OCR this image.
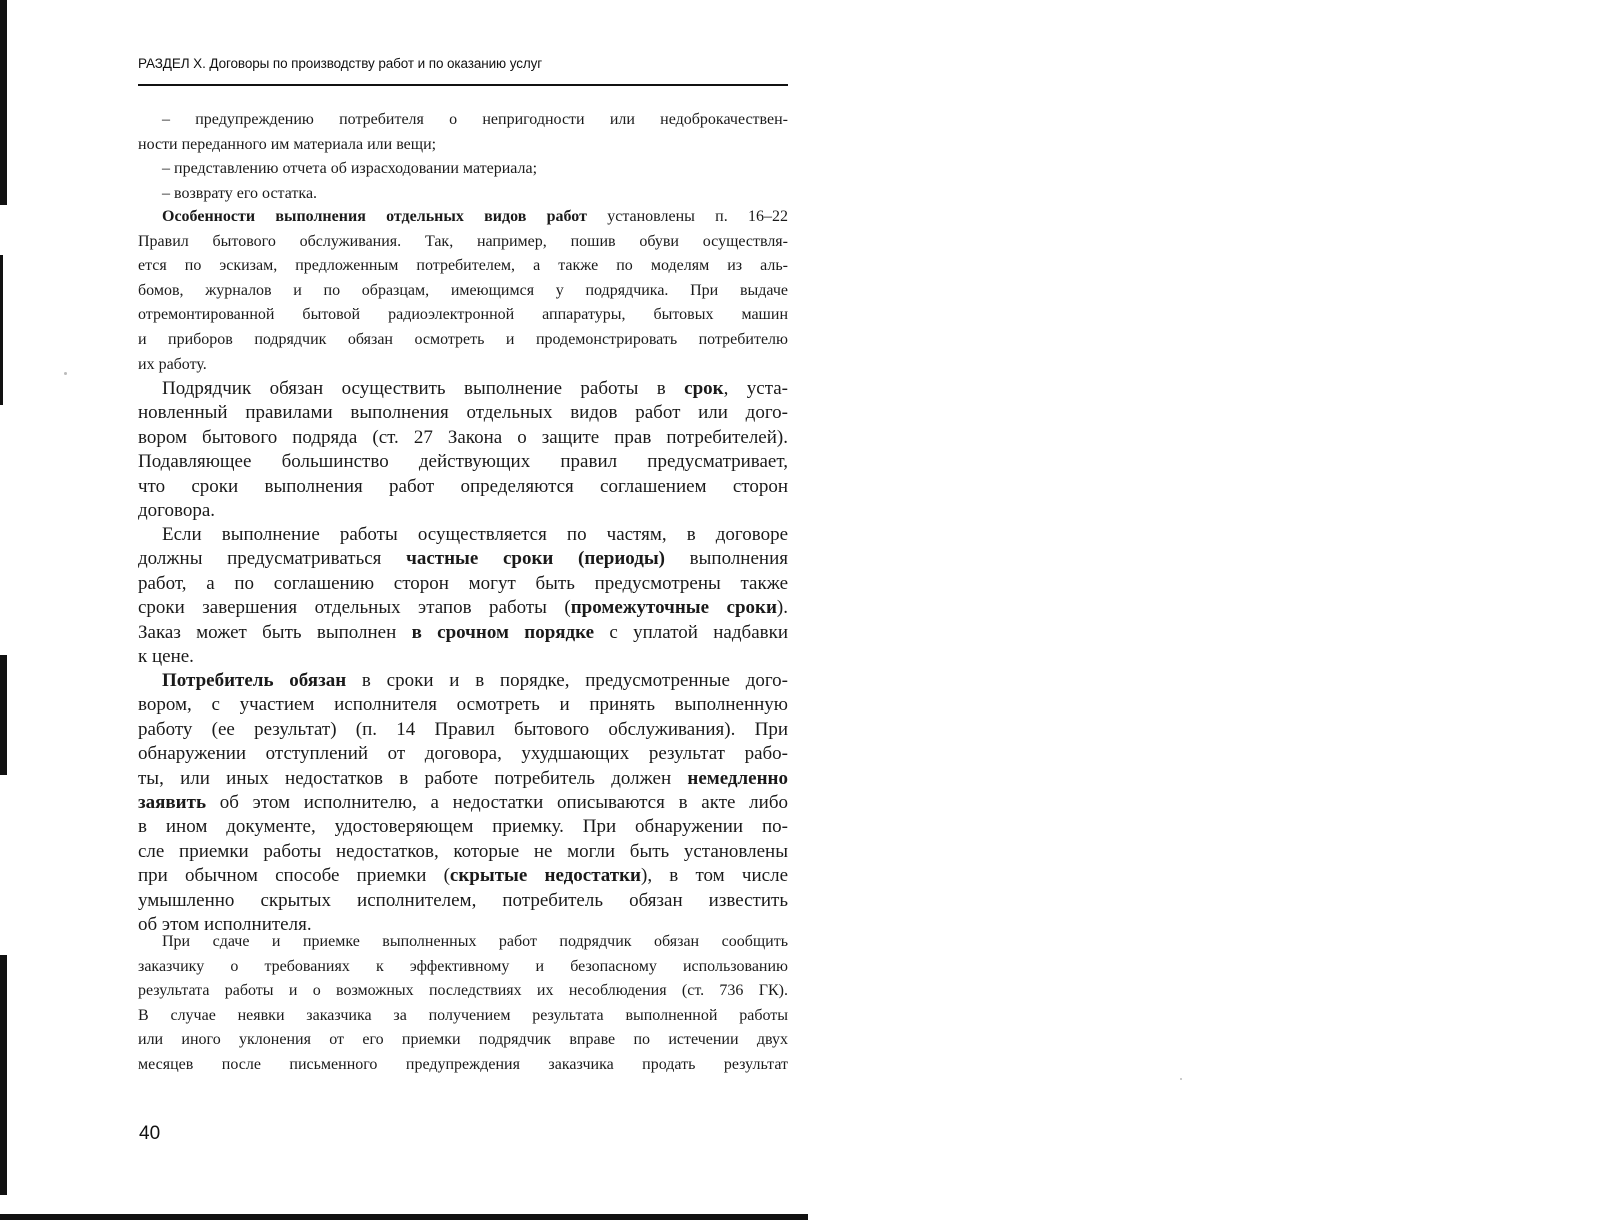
РАЗДЕЛ X. Договоры по производству работ и по оказанию услуг
– предупреждению потребителя о непригодности или недоброкачествен-
ности переданного им материала или вещи;
– представлению отчета об израсходовании материала;
– возврату его остатка.
Особенности выполнения отдельных видов работ установлены п. 16–22
Правил бытового обслуживания. Так, например, пошив обуви осуществля-
ется по эскизам, предложенным потребителем, а также по моделям из аль-
бомов, журналов и по образцам, имеющимся у подрядчика. При выдаче
отремонтированной бытовой радиоэлектронной аппаратуры, бытовых машин
и приборов подрядчик обязан осмотреть и продемонстрировать потребителю
их работу.
Подрядчик обязан осуществить выполнение работы в срок, уста-
новленный правилами выполнения отдельных видов работ или дого-
вором бытового подряда (ст. 27 Закона о защите прав потребителей).
Подавляющее большинство действующих правил предусматривает,
что сроки выполнения работ определяются соглашением сторон
договора.
Если выполнение работы осуществляется по частям, в договоре
должны предусматриваться частные сроки (периоды) выполнения
работ, а по соглашению сторон могут быть предусмотрены также
сроки завершения отдельных этапов работы (промежуточные сроки).
Заказ может быть выполнен в срочном порядке с уплатой надбавки
к цене.
Потребитель обязан в сроки и в порядке, предусмотренные дого-
вором, с участием исполнителя осмотреть и принять выполненную
работу (ее результат) (п. 14 Правил бытового обслуживания). При
обнаружении отступлений от договора, ухудшающих результат рабо-
ты, или иных недостатков в работе потребитель должен немедленно
заявить об этом исполнителю, а недостатки описываются в акте либо
в ином документе, удостоверяющем приемку. При обнаружении по-
сле приемки работы недостатков, которые не могли быть установлены
при обычном способе приемки (скрытые недостатки), в том числе
умышленно скрытых исполнителем, потребитель обязан известить
об этом исполнителя.
При сдаче и приемке выполненных работ подрядчик обязан сообщить
заказчику о требованиях к эффективному и безопасному использованию
результата работы и о возможных последствиях их несоблюдения (ст. 736 ГК).
В случае неявки заказчика за получением результата выполненной работы
или иного уклонения от его приемки подрядчик вправе по истечении двух
месяцев после письменного предупреждения заказчика продать результат
40
